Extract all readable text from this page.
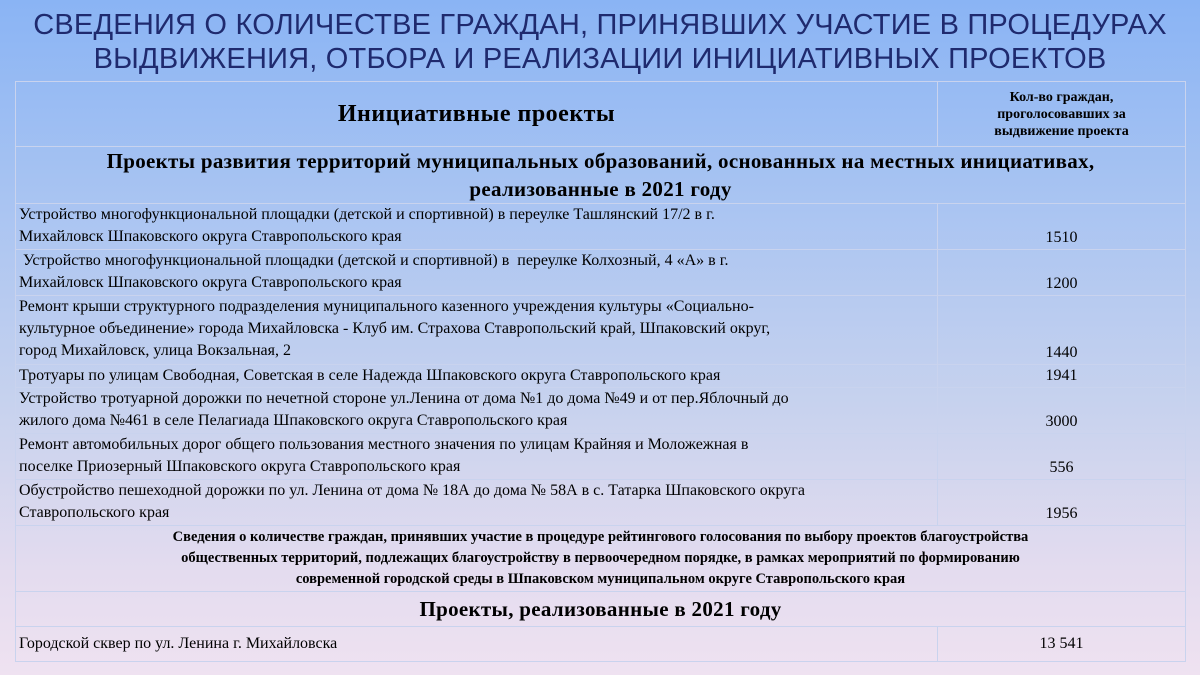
СВЕДЕНИЯ О КОЛИЧЕСТВЕ ГРАЖДАН, ПРИНЯВШИХ УЧАСТИЕ В ПРОЦЕДУРАХ
ВЫДВИЖЕНИЯ, ОТБОРА И РЕАЛИЗАЦИИ ИНИЦИАТИВНЫХ ПРОЕКТОВ
Инициативные проекты	Кол-во граждан,
проголосовавших за
выдвижение проекта

Проекты развития территорий муниципальных образований, основанных на местных инициативах,
реализованные в 2021 году	

Устройство многофункциональной площадки (детской и спортивной) в переулке Ташлянский 17/2 в г.
Михайловск Шпаковского округа Ставропольского края	1510

Устройство многофункциональной площадки (детской и спортивной) в  переулке Колхозный, 4 «А» в г.
Михайловск Шпаковского округа Ставропольского края	1200

Ремонт крыши структурного подразделения муниципального казенного учреждения культуры «Социально-
культурное объединение» города Михайловска - Клуб им. Страхова Ставропольский край, Шпаковский округ,
город Михайловск, улица Вокзальная, 2	1440

Тротуары по улицам Свободная, Советская в селе Надежда Шпаковского округа Ставропольского края	1941

Устройство тротуарной дорожки по нечетной стороне ул.Ленина от дома №1 до дома №49 и от пер.Яблочный до
жилого дома №461 в селе Пелагиада Шпаковского округа Ставропольского края	3000

Ремонт автомобильных дорог общего пользования местного значения по улицам Крайняя и Моложежная в
поселке Приозерный Шпаковского округа Ставропольского края	556

Обустройство пешеходной дорожки по ул. Ленина от дома № 18А до дома № 58А в с. Татарка Шпаковского округа
Ставропольского края	1956

Сведения о количестве граждан, принявших участие в процедуре рейтингового голосования по выбору проектов благоустройства
общественных территорий, подлежащих благоустройству в первоочередном порядке, в рамках мероприятий по формированию
современной городской среды в Шпаковском муниципальном округе Ставропольского края	

Проекты, реализованные в 2021 году	
Городской сквер по ул. Ленина г. Михайловска	13 541
